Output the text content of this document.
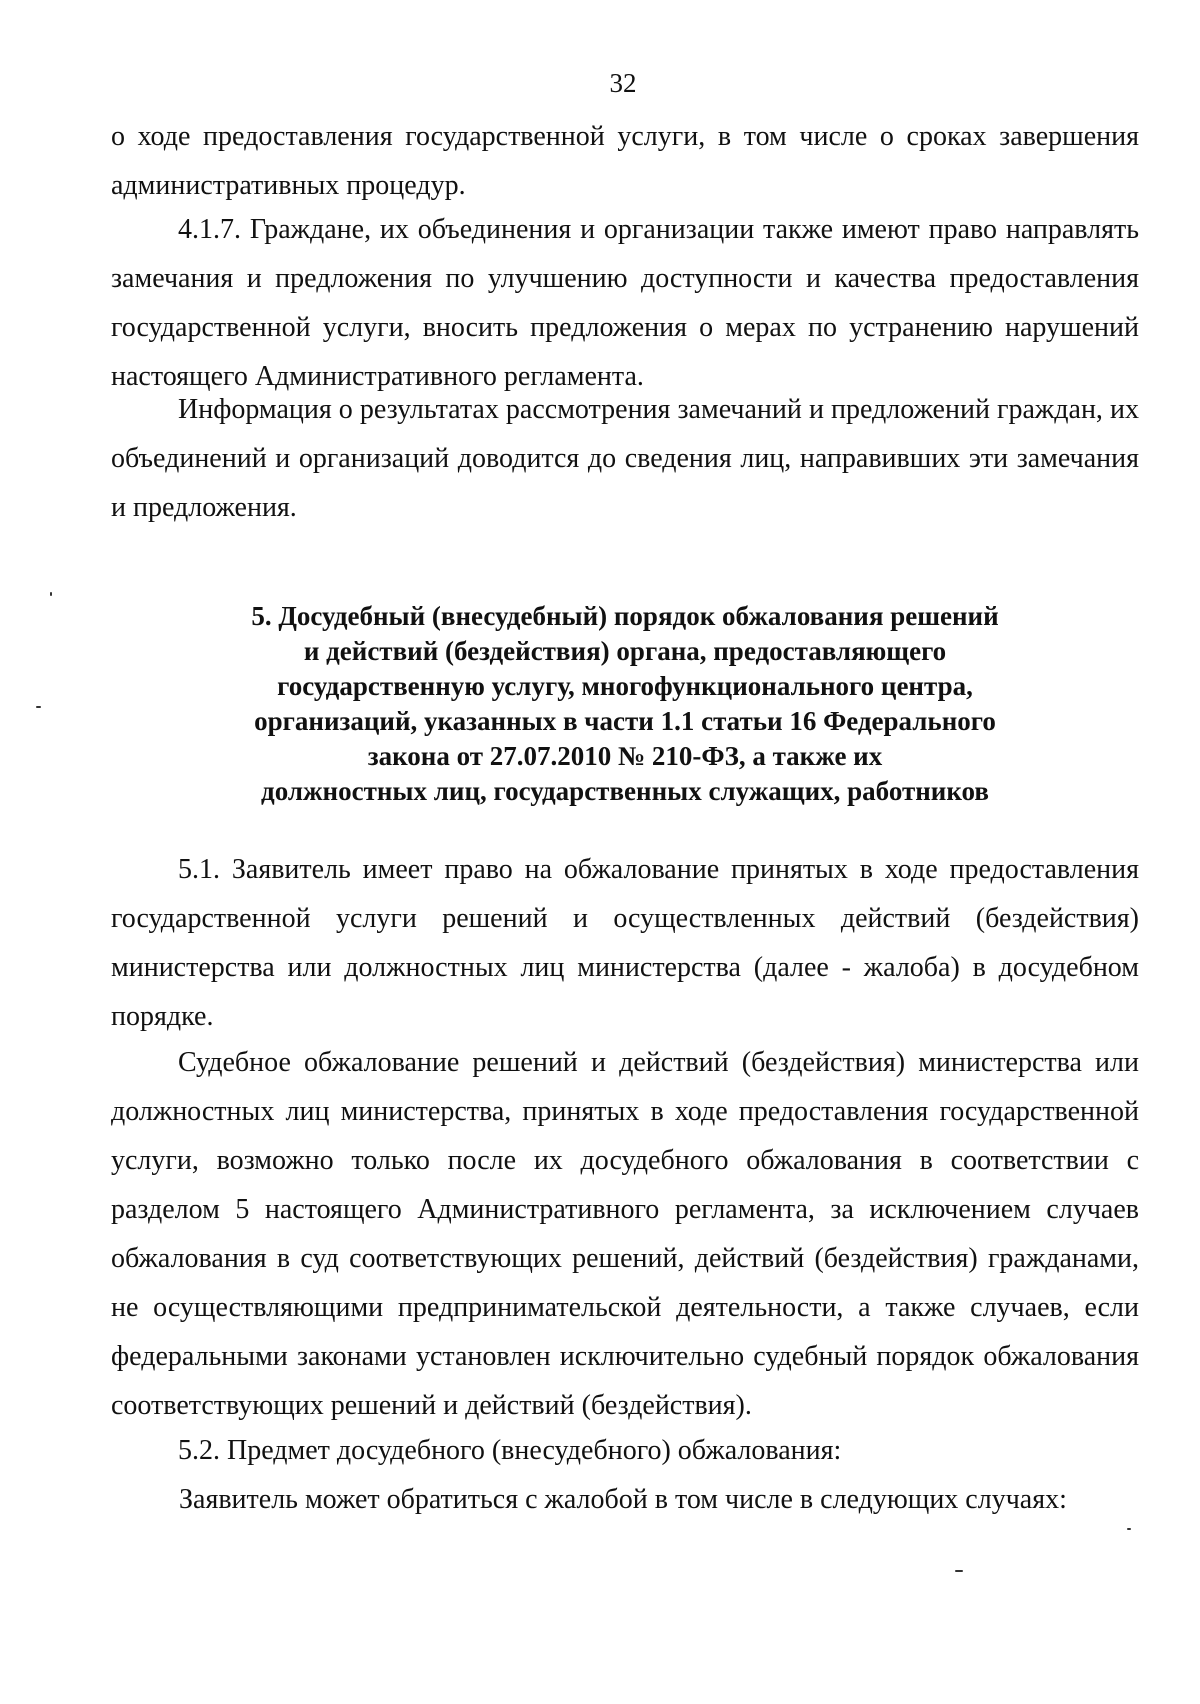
32

о ходе предоставления государственной услуги, в том числе о сроках завершения административных процедур.

4.1.7. Граждане, их объединения и организации также имеют право направлять замечания и предложения по улучшению доступности и качества предоставления государственной услуги, вносить предложения о мерах по устранению нарушений настоящего Административного регламента.

Информация о результатах рассмотрения замечаний и предложений граждан, их объединений и организаций доводится до сведения лиц, направивших эти замечания и предложения.

5. Досудебный (внесудебный) порядок обжалования решений
и действий (бездействия) органа, предоставляющего
государственную услугу, многофункционального центра,
организаций, указанных в части 1.1 статьи 16 Федерального
закона от 27.07.2010 № 210-ФЗ, а также их
должностных лиц, государственных служащих, работников

5.1. Заявитель имеет право на обжалование принятых в ходе предоставления государственной услуги решений и осуществленных действий (бездействия) министерства или должностных лиц министерства (далее - жалоба) в досудебном порядке.

Судебное обжалование решений и действий (бездействия) министерства или должностных лиц министерства, принятых в ходе предоставления государственной услуги, возможно только после их досудебного обжалования в соответствии с разделом 5 настоящего Административного регламента, за исключением случаев обжалования в суд соответствующих решений, действий (бездействия) гражданами, не осуществляющими предпринимательской деятельности, а также случаев, если федеральными законами установлен исключительно судебный порядок обжалования соответствующих решений и действий (бездействия).

5.2. Предмет досудебного (внесудебного) обжалования:

Заявитель может обратиться с жалобой в том числе в следующих случаях:
